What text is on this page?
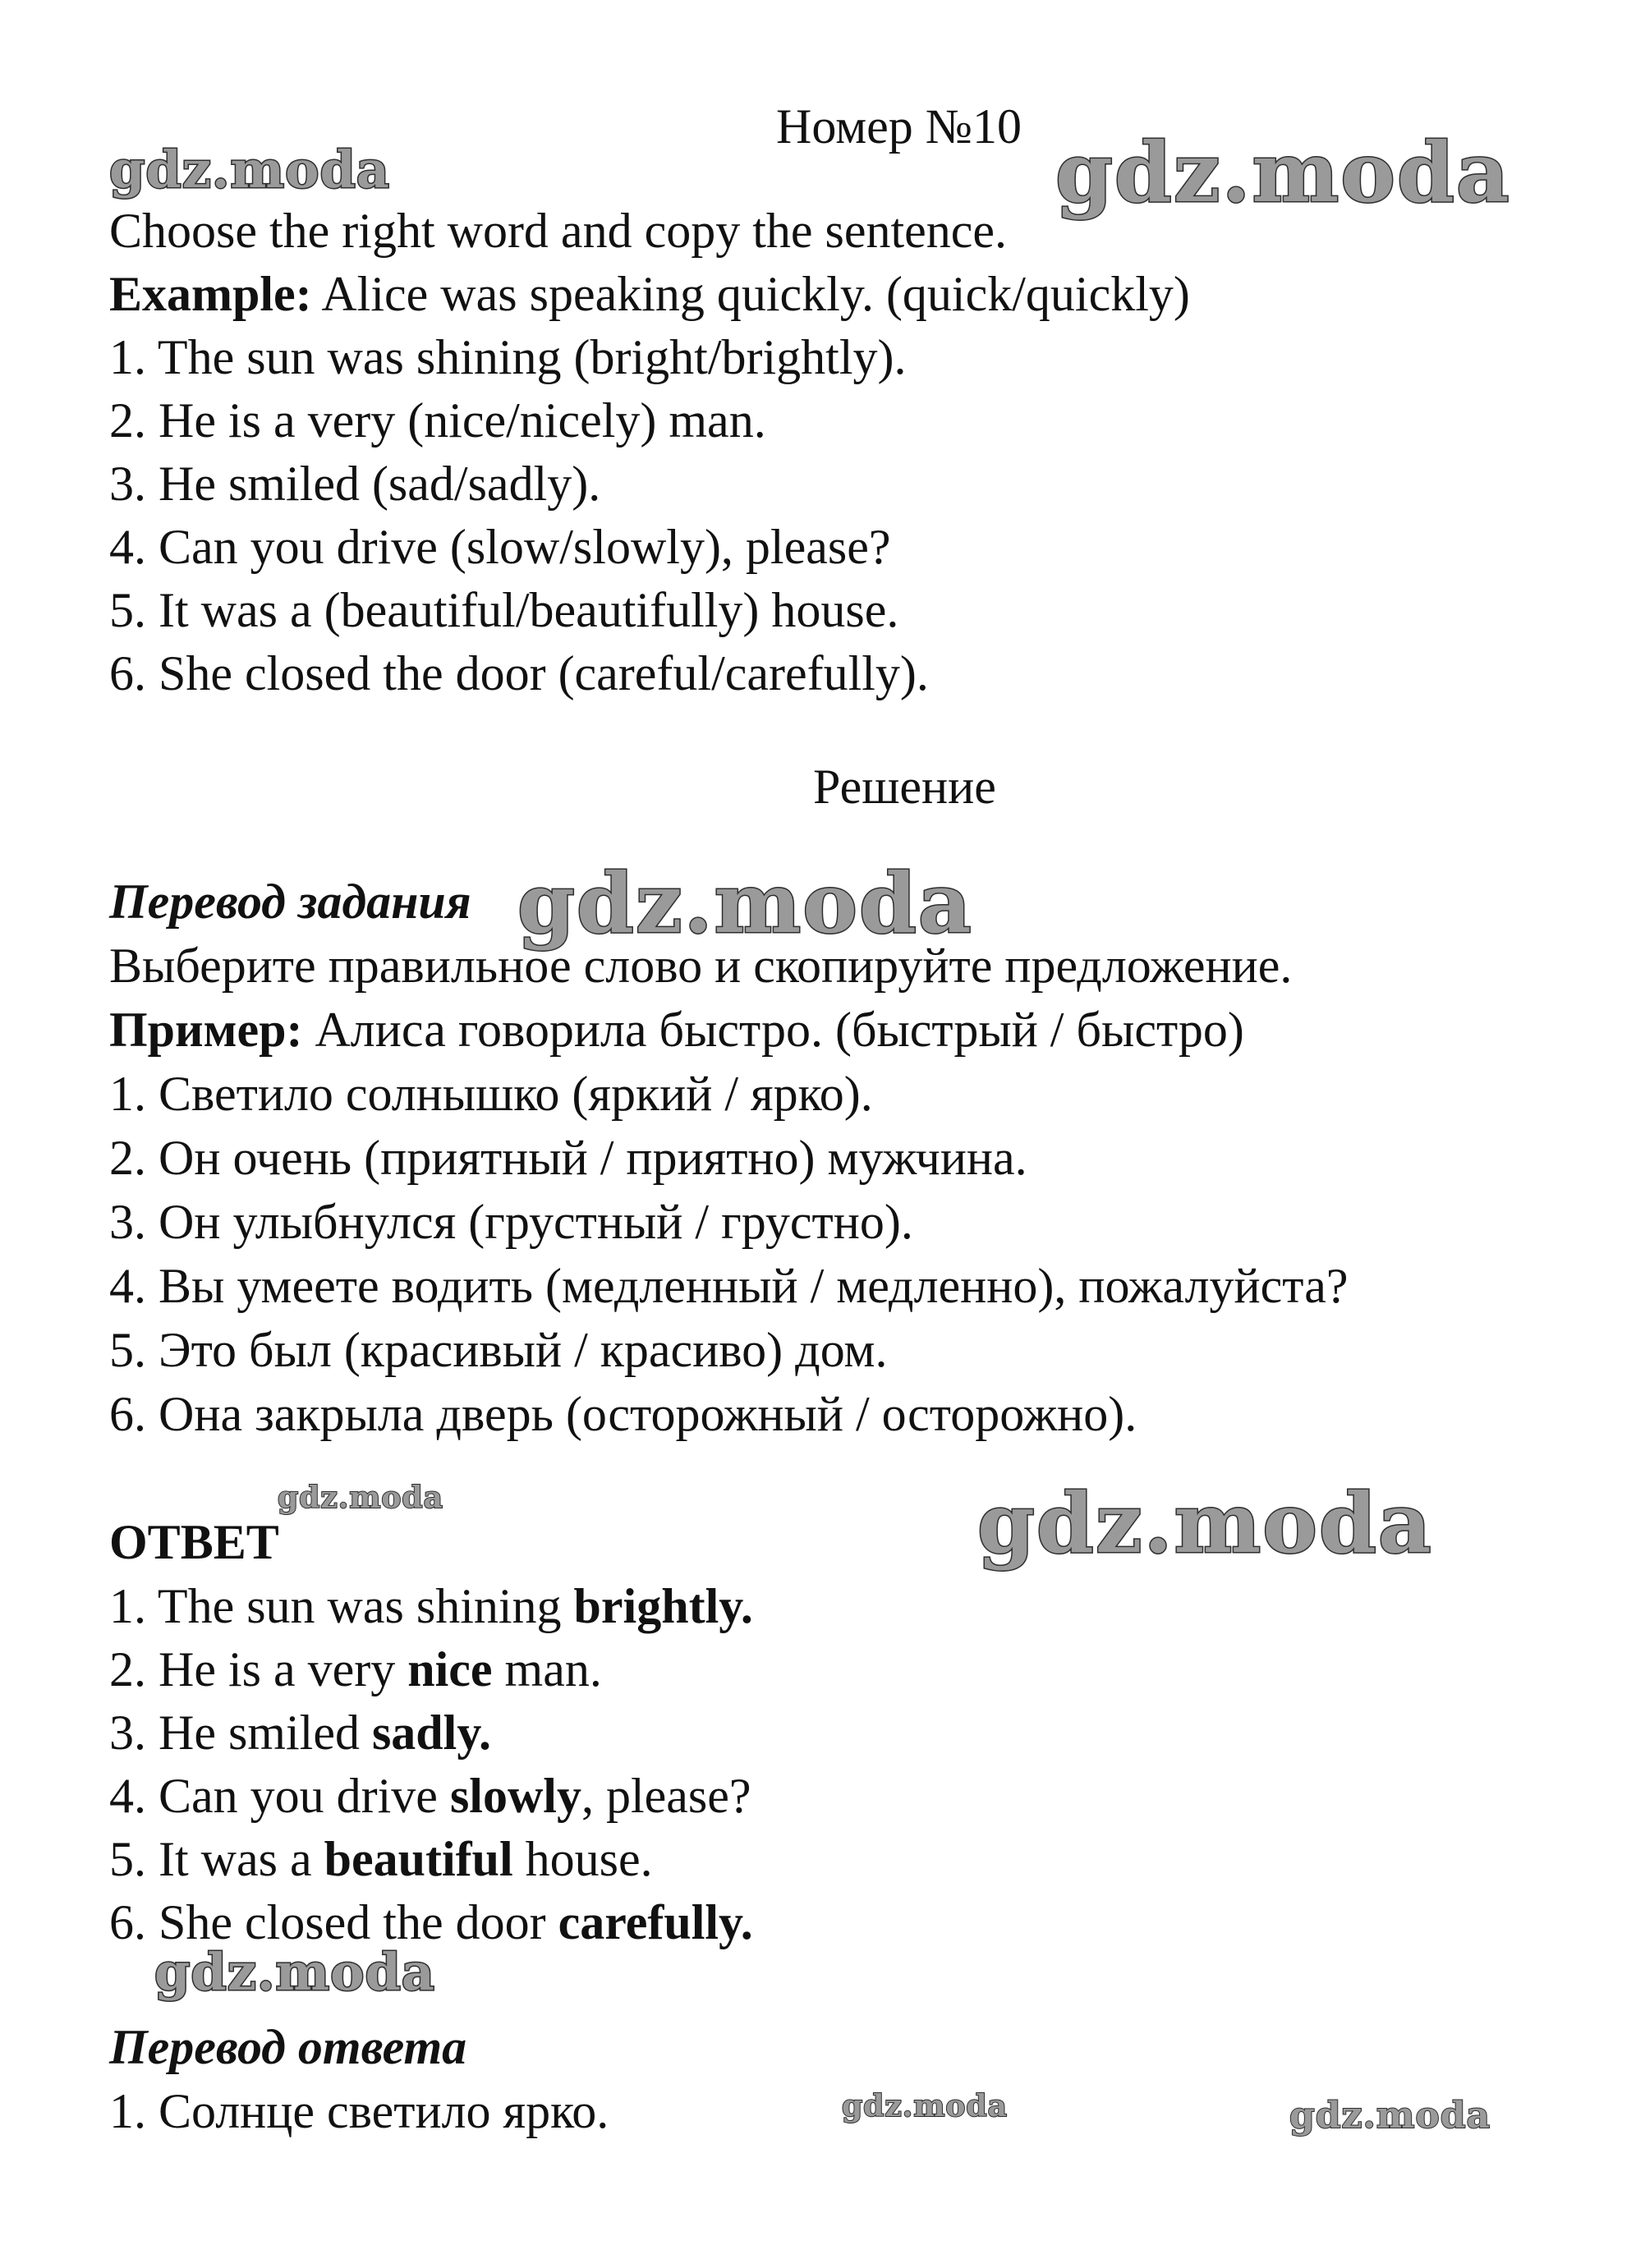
Номер №10
Choose the right word and copy the sentence.
Example: Alice was speaking quickly. (quick/quickly)
1. The sun was shining (bright/brightly).
2. He is a very (nice/nicely) man.
3. He smiled (sad/sadly).
4. Can you drive (slow/slowly), please?
5. It was a (beautiful/beautifully) house.
6. She closed the door (careful/carefully).
Решение
Перевод задания
Выберите правильное слово и скопируйте предложение.
Пример: Алиса говорила быстро. (быстрый / быстро)
1. Светило солнышко (яркий / ярко).
2. Он очень (приятный / приятно) мужчина.
3. Он улыбнулся (грустный / грустно).
4. Вы умеете водить (медленный / медленно), пожалуйста?
5. Это был (красивый / красиво) дом.
6. Она закрыла дверь (осторожный / осторожно).
ОТВЕТ
1. The sun was shining brightly.
2. He is a very nice man.
3. He smiled sadly.
4. Can you drive slowly, please?
5. It was a beautiful house.
6. She closed the door carefully.
Перевод ответа
1. Солнце светило ярко.
gdz.moda	gdz.moda
gdz.moda
gdz.moda	gdz.moda
gdz.moda
gdz.moda	gdz.moda
